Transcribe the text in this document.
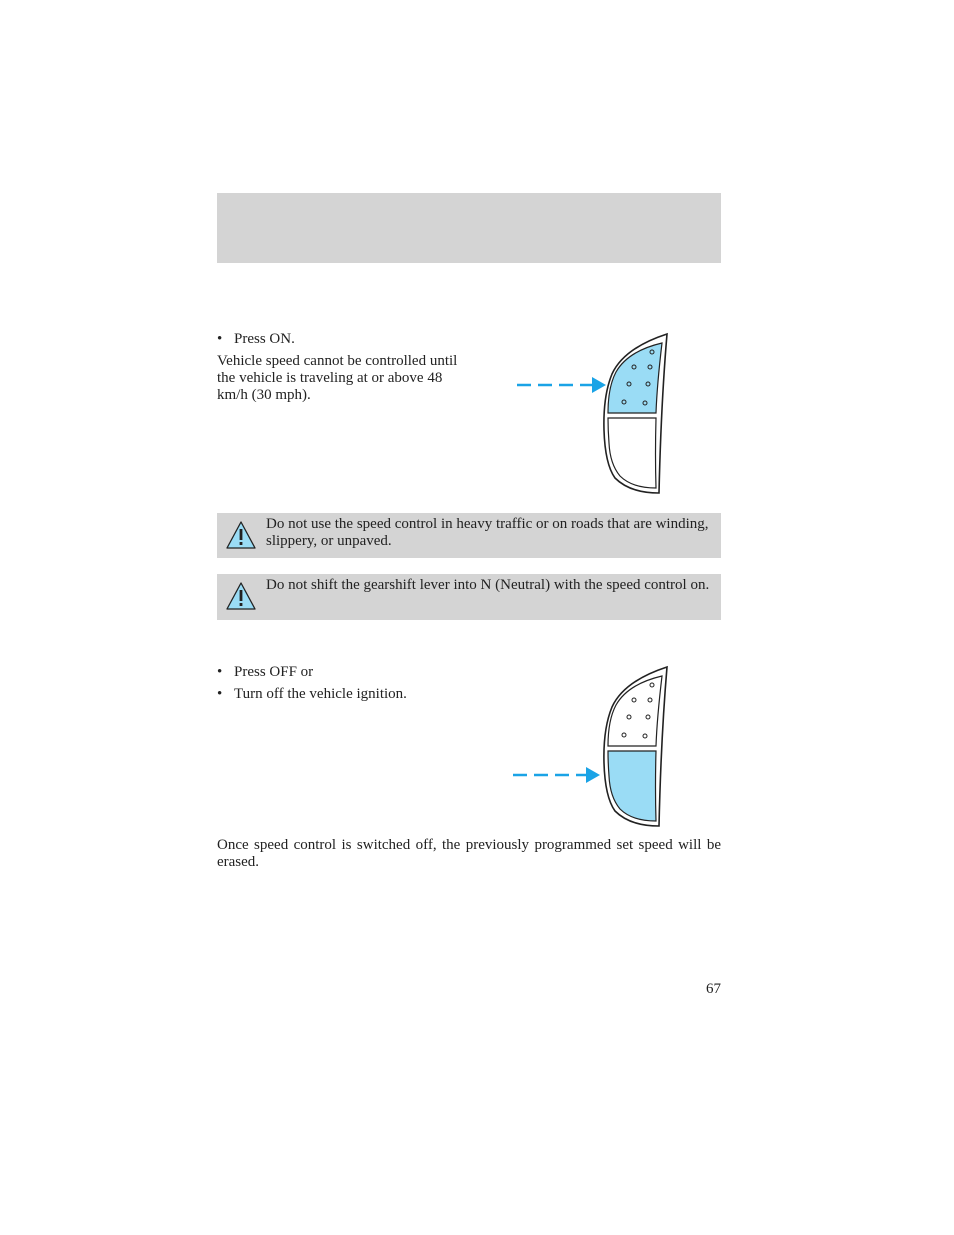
• Press ON.
Vehicle speed cannot be controlled until the vehicle is traveling at or above 48 km/h (30 mph).
Do not use the speed control in heavy traffic or on roads that are winding, slippery, or unpaved.
Do not shift the gearshift lever into N (Neutral) with the speed control on.
• Press OFF or
• Turn off the vehicle ignition.
Once speed control is switched off, the previously programmed set speed will be erased.
67
